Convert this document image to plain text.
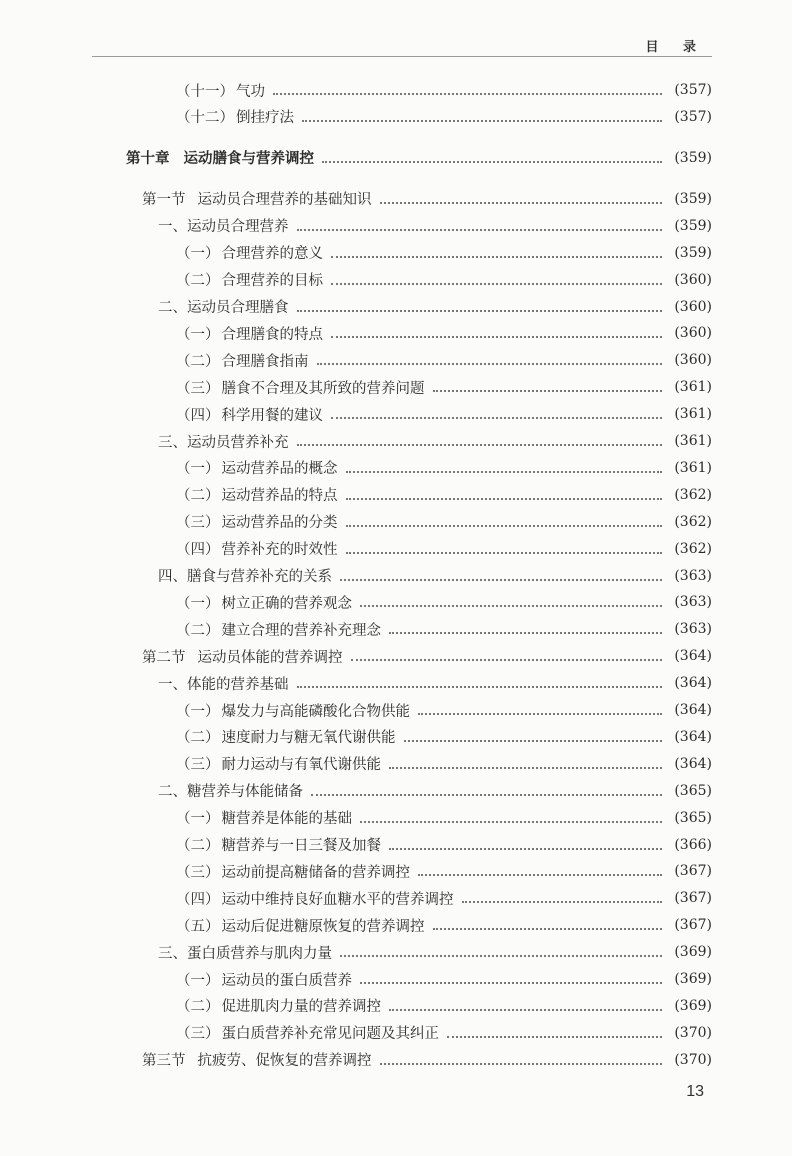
目 录
（十一） 气功	(357)
（十二） 倒挂疗法	(357)
第十章 运动膳食与营养调控	(359)
第一节 运动员合理营养的基础知识	(359)
一、 运动员合理营养	(359)
（一） 合理营养的意义	(359)
（二） 合理营养的目标	(360)
二、 运动员合理膳食	(360)
（一） 合理膳食的特点	(360)
（二） 合理膳食指南	(360)
（三） 膳食不合理及其所致的营养问题	(361)
（四） 科学用餐的建议	(361)
三、 运动员营养补充	(361)
（一） 运动营养品的概念	(361)
（二） 运动营养品的特点	(362)
（三） 运动营养品的分类	(362)
（四） 营养补充的时效性	(362)
四、 膳食与营养补充的关系	(363)
（一） 树立正确的营养观念	(363)
（二） 建立合理的营养补充理念	(363)
第二节 运动员体能的营养调控	(364)
一、 体能的营养基础	(364)
（一） 爆发力与高能磷酸化合物供能	(364)
（二） 速度耐力与糖无氧代谢供能	(364)
（三） 耐力运动与有氧代谢供能	(364)
二、 糖营养与体能储备	(365)
（一） 糖营养是体能的基础	(365)
（二） 糖营养与一日三餐及加餐	(366)
（三） 运动前提高糖储备的营养调控	(367)
（四） 运动中维持良好血糖水平的营养调控	(367)
（五） 运动后促进糖原恢复的营养调控	(367)
三、 蛋白质营养与肌肉力量	(369)
（一） 运动员的蛋白质营养	(369)
（二） 促进肌肉力量的营养调控	(369)
（三） 蛋白质营养补充常见问题及其纠正	(370)
第三节 抗疲劳、促恢复的营养调控	(370)
13
